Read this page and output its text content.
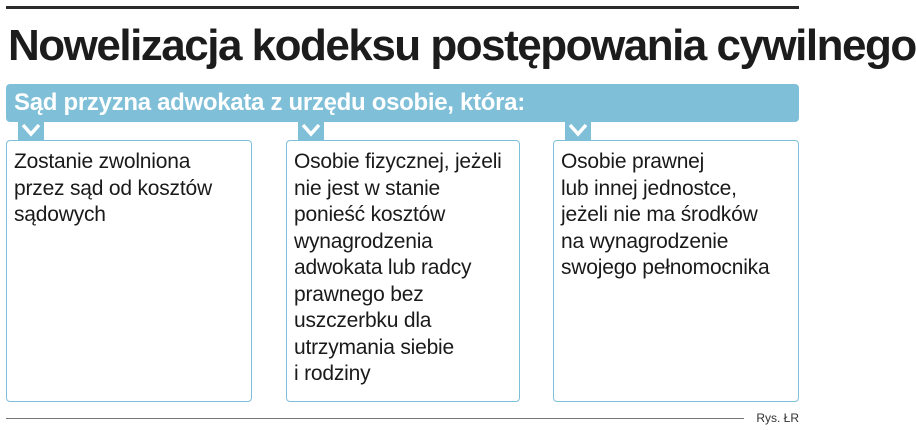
Nowelizacja kodeksu postępowania cywilnego
Sąd przyzna adwokata z urzędu osobie, która:
Zostanie zwolniona
przez sąd od kosztów
sądowych
Osobie fizycznej, jeżeli
nie jest w stanie
ponieść kosztów
wynagrodzenia
adwokata lub radcy
prawnego bez
uszczerbku dla
utrzymania siebie
i rodziny
Osobie prawnej
lub innej jednostce,
jeżeli nie ma środków
na wynagrodzenie
swojego pełnomocnika
Rys. ŁR
